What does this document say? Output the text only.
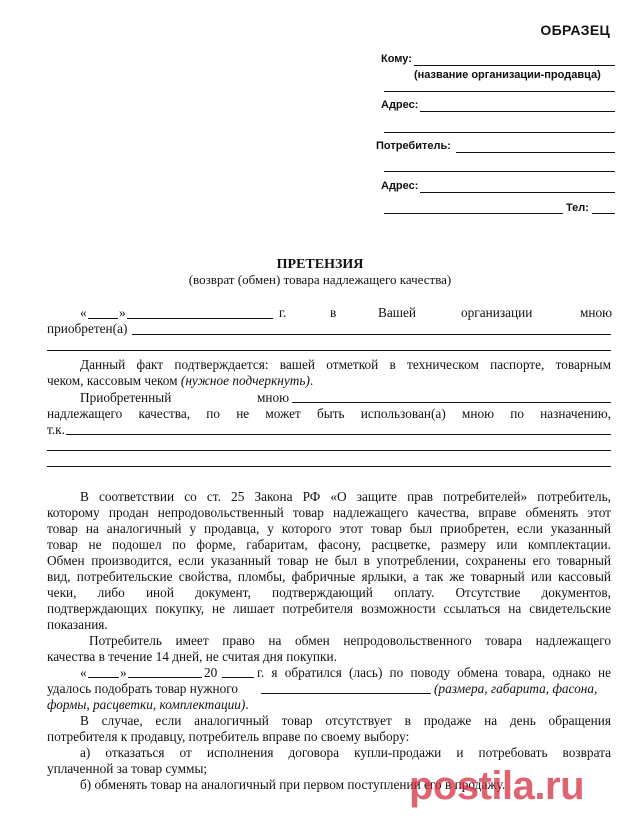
ОБРАЗЕЦ
Кому:
(название организации-продавца)
Адрес:
Потребитель:
Адрес:
Тел:
ПРЕТЕНЗИЯ
(возврат (обмен) товара надлежащего качества)
« »	г.	в	Вашей	организации	мною
приобретен(а)
Данный факт подтверждается: вашей отметкой в техническом паспорте, товарным
чеком, кассовым чеком (нужное подчеркнуть).
Приобретенный	мною
надлежащего качества, по не может быть использован(а) мною по назначению,
т.к.
В соответствии со ст. 25 Закона РФ «О защите прав потребителей» потребитель,
которому продан непродовольственный товар надлежащего качества, вправе обменять этот
товар на аналогичный у продавца, у которого этот товар был приобретен, если указанный
товар не подошел по форме, габаритам, фасону, расцветке, размеру или комплектации.
Обмен производится, если указанный товар не был в употреблении, сохранены его товарный
вид, потребительские свойства, пломбы, фабричные ярлыки, а так же товарный или кассовый
чеки, либо иной документ, подтверждающий оплату. Отсутствие документов,
подтверждающих покупку, не лишает потребителя возможности ссылаться на свидетельские
показания.
Потребитель имеет право на обмен непродовольственного товара надлежащего
качества в течение 14 дней, не считая дня покупки.
«	»	20	г. я обратился (лась) по поводу обмена товара, однако не
удалось подобрать товар нужного	(размера, габарита, фасона,
формы, расцветки, комплектации).
В случае, если аналогичный товар отсутствует в продаже на день обращения
потребителя к продавцу, потребитель вправе по своему выбору:
а) отказаться от исполнения договора купли-продажи и потребовать возврата
уплаченной за товар суммы;
б) обменять товар на аналогичный при первом поступлении его в продажу.
postila.ru
